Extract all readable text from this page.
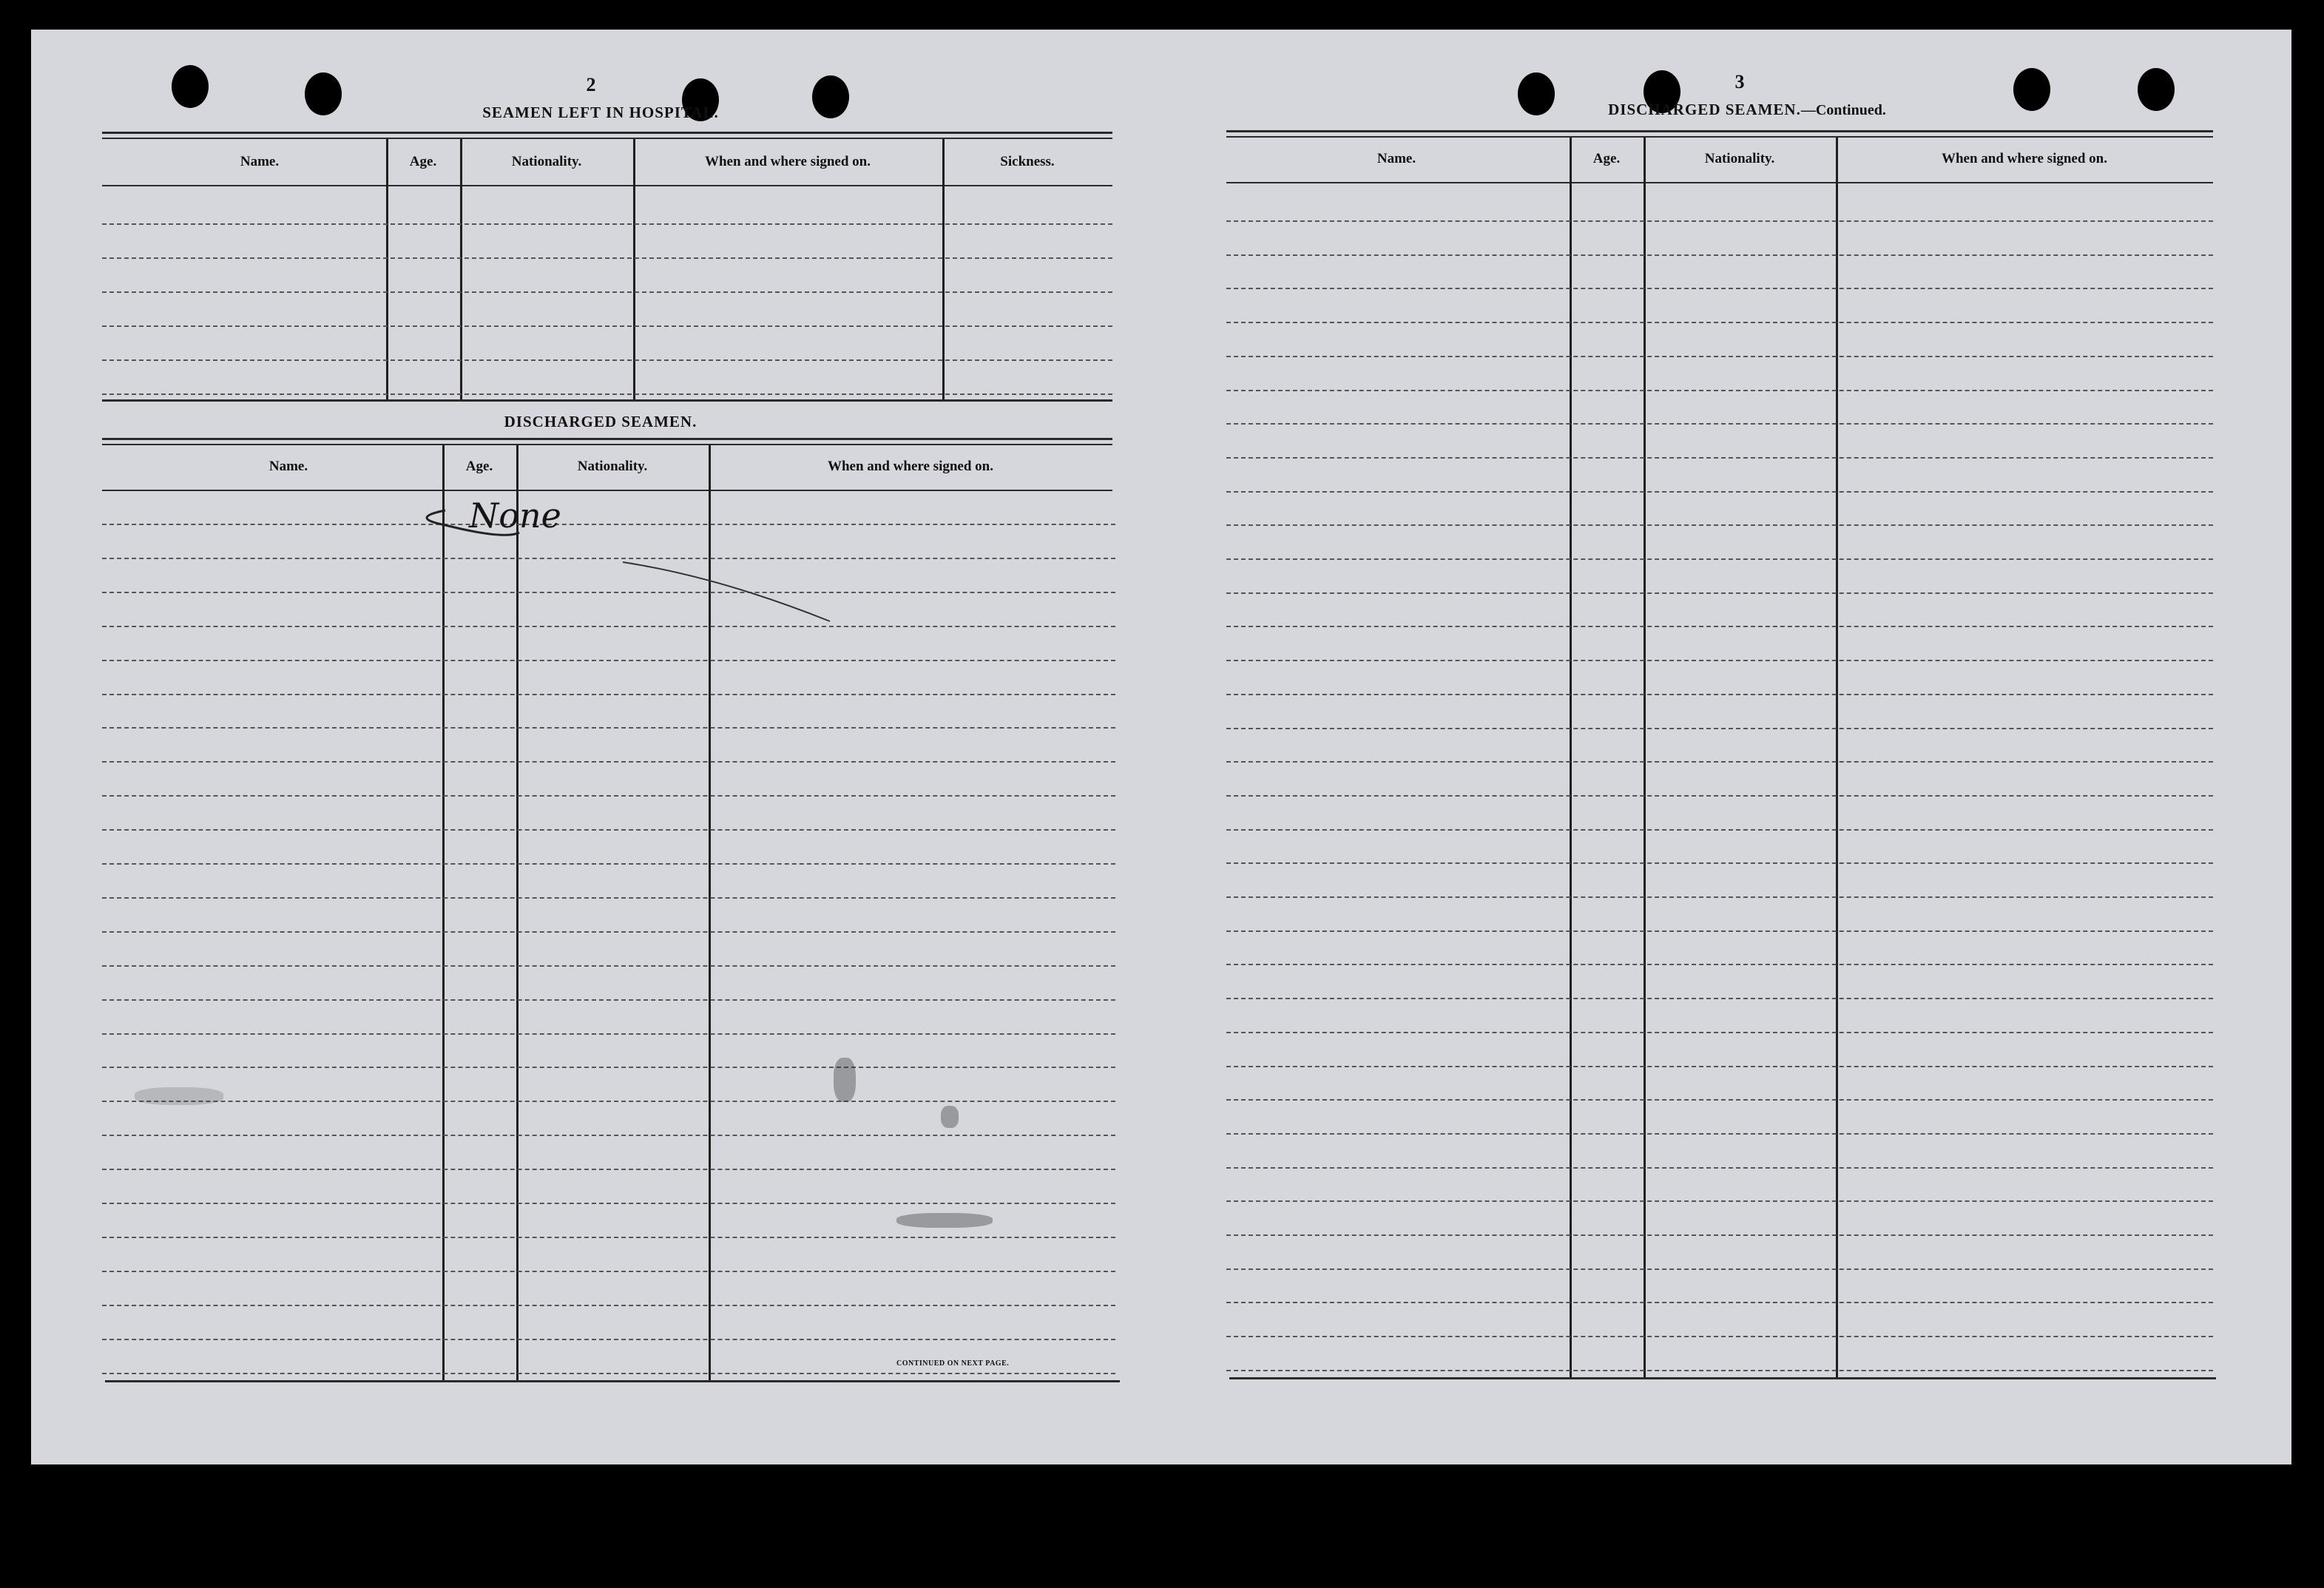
2
SEAMEN LEFT IN HOSPITAL.
Name.	Age.	Nationality.	When and where signed on.	Sickness.
DISCHARGED SEAMEN.
Name.	Age.	Nationality.	When and where signed on.
None
CONTINUED ON NEXT PAGE.
3
DISCHARGED SEAMEN.—Continued.
Name.	Age.	Nationality.	When and where signed on.
